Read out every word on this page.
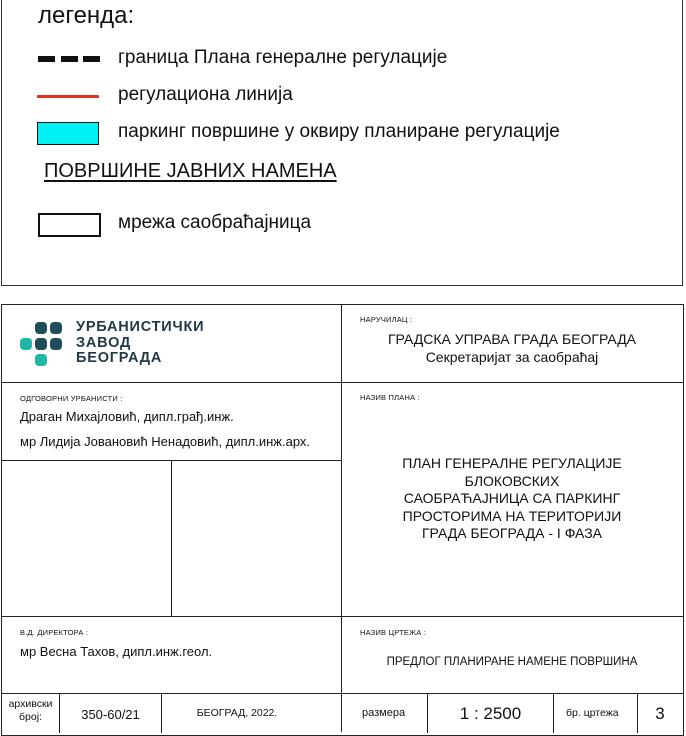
легенда:
граница Плана генералне регулације
регулациона линија
паркинг површине у оквиру планиране регулације
ПОВРШИНЕ ЈАВНИХ НАМЕНА
мрежа саобраћајница
УРБАНИСТИЧКИ
ЗАВОД
БЕОГРАДА
НАРУЧИЛАЦ :
ГРАДСКА УПРАВА ГРАДА БЕОГРАДА
Секретаријат за саобраћај
ОДГОВОРНИ УРБАНИСТИ :
Драган Михајловић, дипл.грађ.инж.
мр Лидија Јовановић Ненадовић, дипл.инж.арх.
НАЗИВ ПЛАНА :
ПЛАН ГЕНЕРАЛНЕ РЕГУЛАЦИЈЕ
БЛОКОВСКИХ
САОБРАЋАЈНИЦА СА ПАРКИНГ
ПРОСТОРИМА НА ТЕРИТОРИЈИ
ГРАДА БЕОГРАДА - I ФАЗА
В.Д. ДИРЕКТОРА :
мр Весна Тахов, дипл.инж.геол.
НАЗИВ ЦРТЕЖА :
ПРЕДЛОГ ПЛАНИРАНЕ НАМЕНЕ ПОВРШИНА
архивски
број:	350-60/21	БЕОГРАД, 2022.	размера	1 : 2500	бр. цртежа	3
